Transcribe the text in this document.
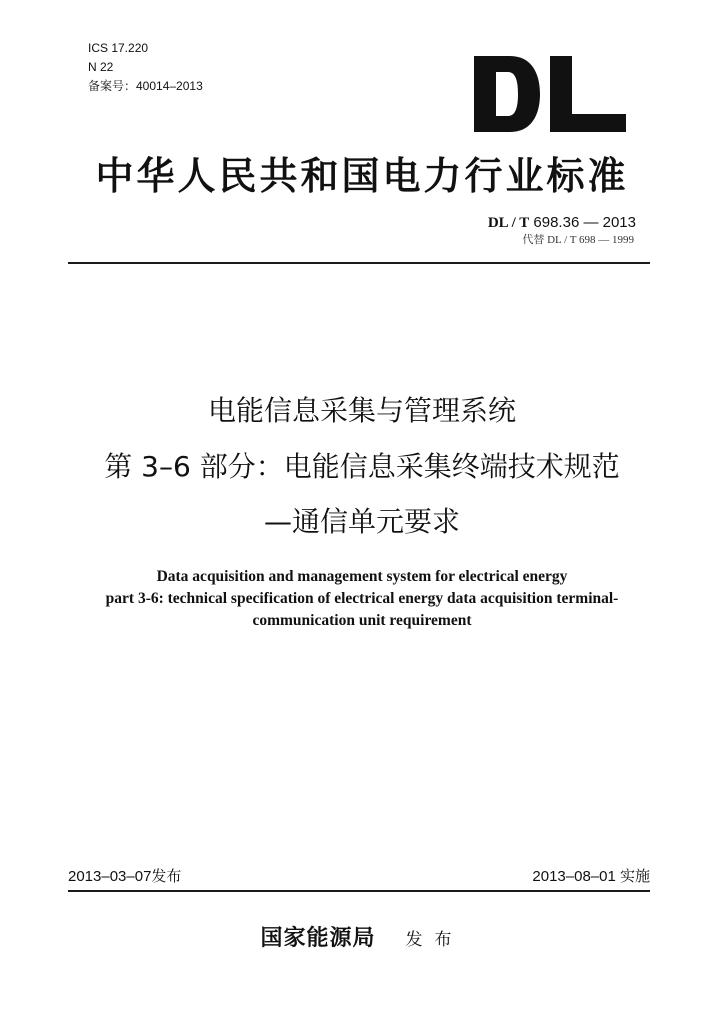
ICS 17.220
N 22
备案号：40014–2013
中华人民共和国电力行业标准
DL / T 698.36 — 2013
代替 DL / T 698 — 1999
电能信息采集与管理系统
第 3–6 部分：电能信息采集终端技术规范
—通信单元要求
Data acquisition and management system for electrical energy
part 3-6: technical specification of electrical energy data acquisition terminal-
communication unit requirement
2013–03–07发布	2013–08–01 实施
国家能源局 发布
